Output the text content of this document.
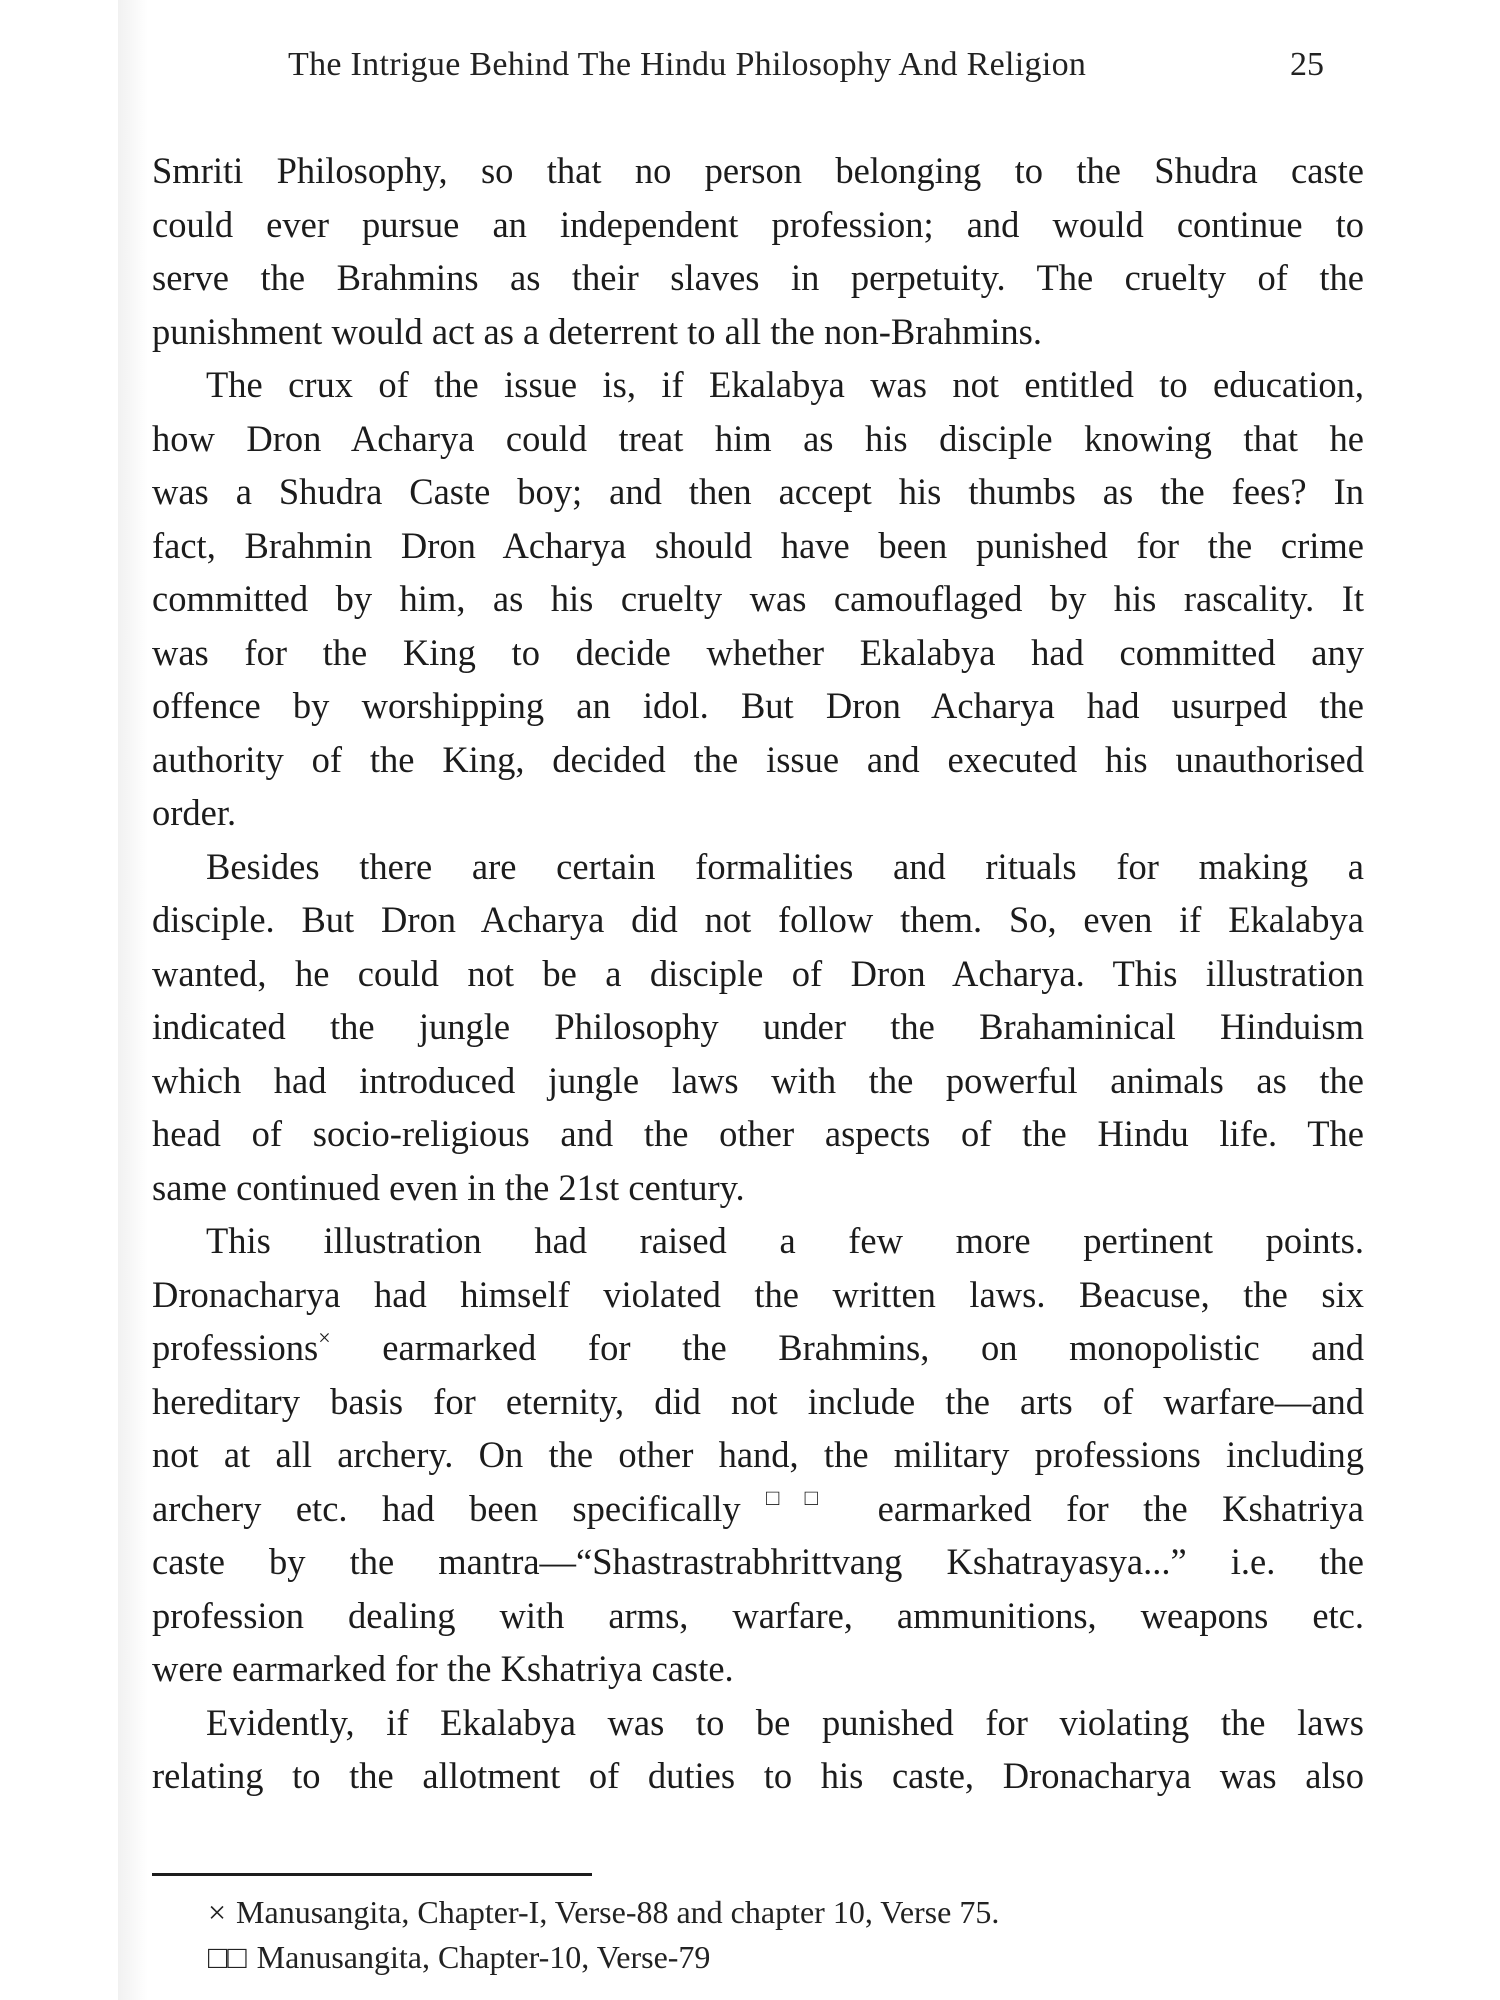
The Intrigue Behind The Hindu Philosophy And Religion	25
Smriti Philosophy, so that no person belonging to the Shudra caste
could ever pursue an independent profession; and would continue to
serve the Brahmins as their slaves in perpetuity. The cruelty of the
punishment would act as a deterrent to all the non-Brahmins.
The crux of the issue is, if Ekalabya was not entitled to education,
how Dron Acharya could treat him as his disciple knowing that he
was a Shudra Caste boy; and then accept his thumbs as the fees? In
fact, Brahmin Dron Acharya should have been punished for the crime
committed by him, as his cruelty was camouflaged by his rascality. It
was for the King to decide whether Ekalabya had committed any
offence by worshipping an idol. But Dron Acharya had usurped the
authority of the King, decided the issue and executed his unauthorised
order.
Besides there are certain formalities and rituals for making a
disciple. But Dron Acharya did not follow them. So, even if Ekalabya
wanted, he could not be a disciple of Dron Acharya. This illustration
indicated the jungle Philosophy under the Brahaminical Hinduism
which had introduced jungle laws with the powerful animals as the
head of socio-religious and the other aspects of the Hindu life. The
same continued even in the 21st century.
This illustration had raised a few more pertinent points.
Dronacharya had himself violated the written laws. Beacuse, the six
professions× earmarked for the Brahmins, on monopolistic and
hereditary basis for eternity, did not include the arts of warfare—and
not at all archery. On the other hand, the military professions including
archery etc. had been specifically□□ earmarked for the Kshatriya
caste by the mantra—“Shastrastrabhrittvang Kshatrayasya...” i.e. the
profession dealing with arms, warfare, ammunitions, weapons etc.
were earmarked for the Kshatriya caste.
Evidently, if Ekalabya was to be punished for violating the laws
relating to the allotment of duties to his caste, Dronacharya was also
× Manusangita, Chapter-I, Verse-88 and chapter 10, Verse 75.
□□ Manusangita, Chapter-10, Verse-79
